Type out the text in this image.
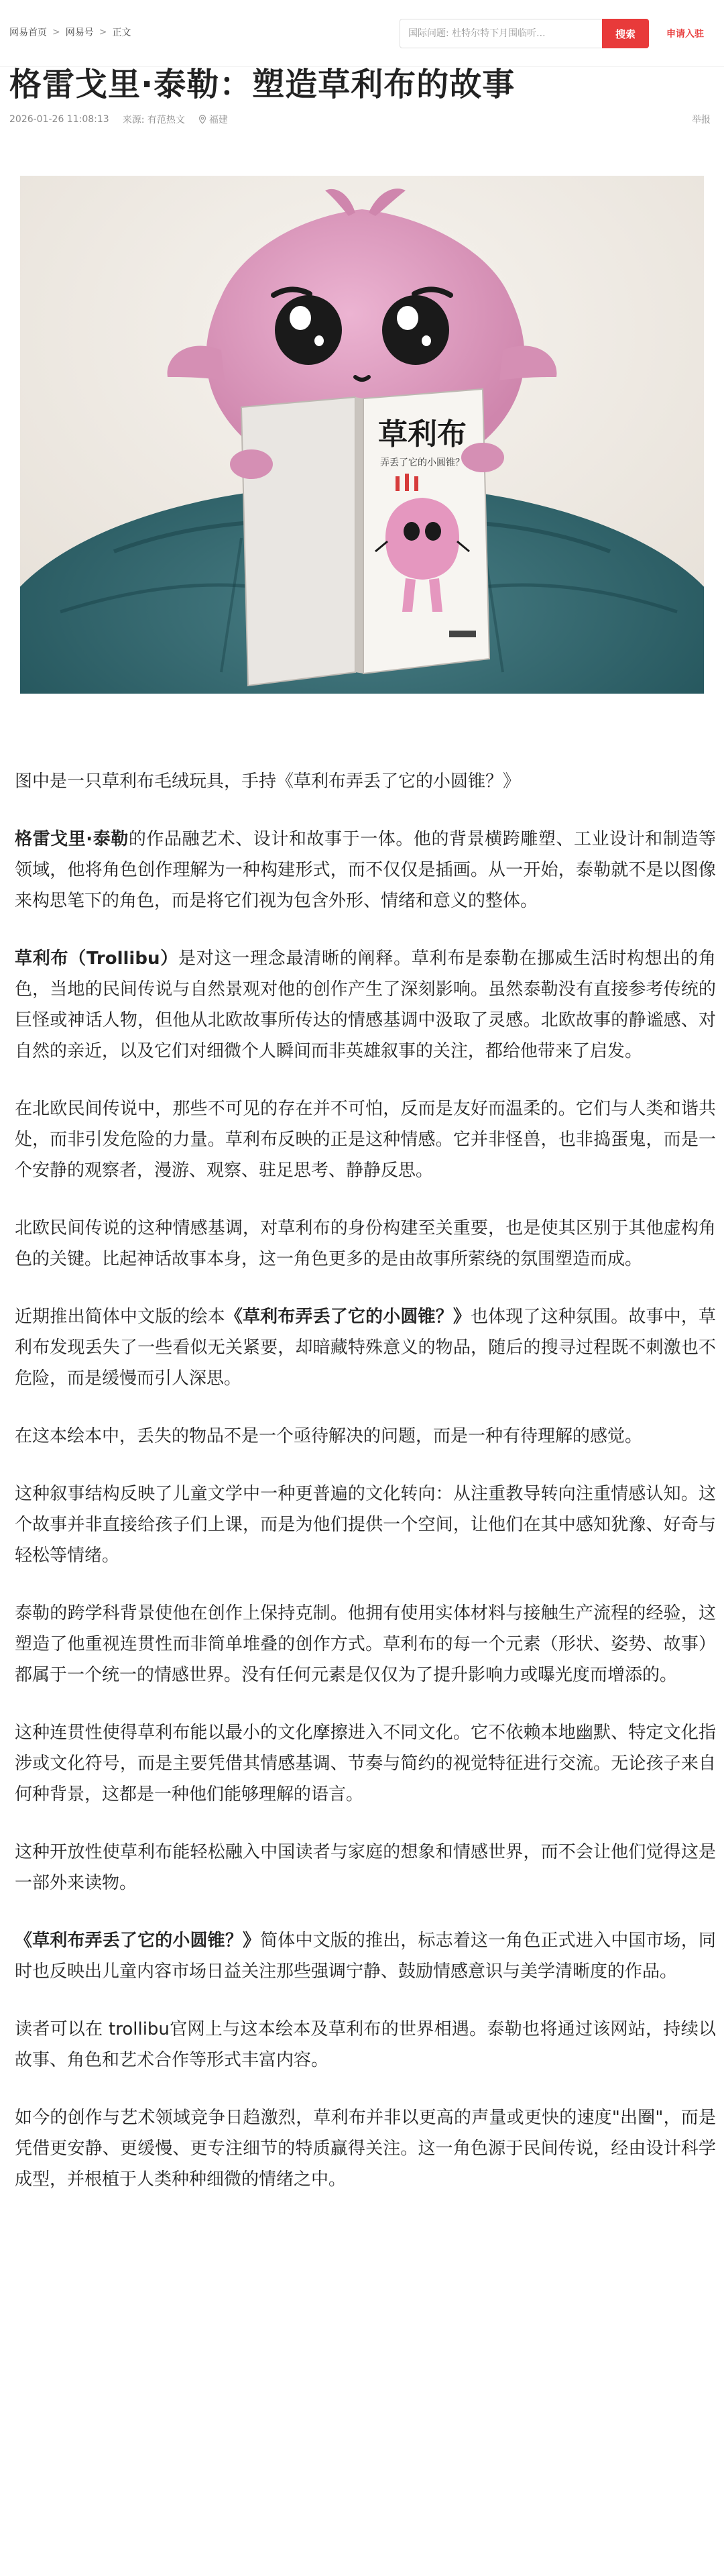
网易首页 > 网易号 > 正文
国际问题: 杜特尔特下月围临听...	搜索	申请入驻
格雷戈里·泰勒：塑造草利布的故事
2026-01-26 11:08:13 来源: 有范热文	福建	举报
草利布
弄丢了它的小圆锥？

图中是一只草利布毛绒玩具，手持《草利布弄丢了它的小圆锥？》

格雷戈里·泰勒的作品融艺术、设计和故事于一体。他的背景横跨雕塑、工业设计和制造等领域，他将角色创作理解为一种构建形式，而不仅仅是插画。从一开始，泰勒就不是以图像来构思笔下的角色，而是将它们视为包含外形、情绪和意义的整体。

草利布（Trollibu）是对这一理念最清晰的阐释。草利布是泰勒在挪威生活时构想出的角色，当地的民间传说与自然景观对他的创作产生了深刻影响。虽然泰勒没有直接参考传统的巨怪或神话人物，但他从北欧故事所传达的情感基调中汲取了灵感。北欧故事的静谧感、对自然的亲近，以及它们对细微个人瞬间而非英雄叙事的关注，都给他带来了启发。

在北欧民间传说中，那些不可见的存在并不可怕，反而是友好而温柔的。它们与人类和谐共处，而非引发危险的力量。草利布反映的正是这种情感。它并非怪兽，也非捣蛋鬼，而是一个安静的观察者，漫游、观察、驻足思考、静静反思。

北欧民间传说的这种情感基调，对草利布的身份构建至关重要，也是使其区别于其他虚构角色的关键。比起神话故事本身，这一角色更多的是由故事所萦绕的氛围塑造而成。

近期推出简体中文版的绘本《草利布弄丢了它的小圆锥？》也体现了这种氛围。故事中，草利布发现丢失了一些看似无关紧要，却暗藏特殊意义的物品，随后的搜寻过程既不刺激也不危险，而是缓慢而引人深思。

在这本绘本中，丢失的物品不是一个亟待解决的问题，而是一种有待理解的感觉。

这种叙事结构反映了儿童文学中一种更普遍的文化转向：从注重教导转向注重情感认知。这个故事并非直接给孩子们上课，而是为他们提供一个空间，让他们在其中感知犹豫、好奇与轻松等情绪。

泰勒的跨学科背景使他在创作上保持克制。他拥有使用实体材料与接触生产流程的经验，这塑造了他重视连贯性而非简单堆叠的创作方式。草利布的每一个元素（形状、姿势、故事）都属于一个统一的情感世界。没有任何元素是仅仅为了提升影响力或曝光度而增添的。

这种连贯性使得草利布能以最小的文化摩擦进入不同文化。它不依赖本地幽默、特定文化指涉或文化符号，而是主要凭借其情感基调、节奏与简约的视觉特征进行交流。无论孩子来自何种背景，这都是一种他们能够理解的语言。

这种开放性使草利布能轻松融入中国读者与家庭的想象和情感世界，而不会让他们觉得这是一部外来读物。

《草利布弄丢了它的小圆锥？》简体中文版的推出，标志着这一角色正式进入中国市场，同时也反映出儿童内容市场日益关注那些强调宁静、鼓励情感意识与美学清晰度的作品。

读者可以在 trollibu官网上与这本绘本及草利布的世界相遇。泰勒也将通过该网站，持续以故事、角色和艺术合作等形式丰富内容。

如今的创作与艺术领域竞争日趋激烈，草利布并非以更高的声量或更快的速度"出圈"，而是凭借更安静、更缓慢、更专注细节的特质赢得关注。这一角色源于民间传说，经由设计科学成型，并根植于人类种种细微的情绪之中。
